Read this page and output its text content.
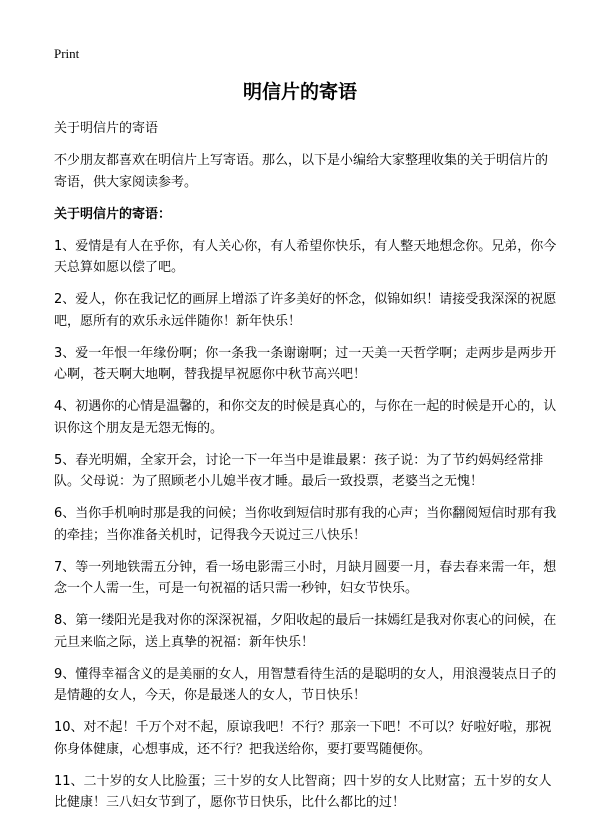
Print
明信片的寄语

关于明信片的寄语

不少朋友都喜欢在明信片上写寄语。那么，以下是小编给大家整理收集的关于明信片的寄语，供大家阅读参考。

关于明信片的寄语：

1、爱情是有人在乎你，有人关心你，有人希望你快乐，有人整天地想念你。兄弟，你今天总算如愿以偿了吧。

2、爱人，你在我记忆的画屏上增添了许多美好的怀念，似锦如织！请接受我深深的祝愿吧，愿所有的欢乐永远伴随你！新年快乐！

3、爱一年恨一年缘份啊；你一条我一条谢谢啊；过一天美一天哲学啊；走两步是两步开心啊，苍天啊大地啊，替我提早祝愿你中秋节高兴吧！

4、初遇你的心情是温馨的，和你交友的时候是真心的，与你在一起的时候是开心的，认识你这个朋友是无怨无悔的。

5、春光明媚，全家开会，讨论一下一年当中是谁最累：孩子说：为了节约妈妈经常排队。父母说：为了照顾老小儿媳半夜才睡。最后一致投票，老婆当之无愧！

6、当你手机响时那是我的问候；当你收到短信时那有我的心声；当你翻阅短信时那有我的牵挂；当你准备关机时，记得我今天说过三八快乐！

7、等一列地铁需五分钟，看一场电影需三小时，月缺月圆要一月，春去春来需一年，想念一个人需一生，可是一句祝福的话只需一秒钟，妇女节快乐。

8、第一缕阳光是我对你的深深祝福，夕阳收起的最后一抹嫣红是我对你衷心的问候，在元旦来临之际，送上真挚的祝福：新年快乐！

9、懂得幸福含义的是美丽的女人，用智慧看待生活的是聪明的女人，用浪漫装点日子的是情趣的女人，今天，你是最迷人的女人，节日快乐！

10、对不起！千万个对不起，原谅我吧！不行？那亲一下吧！不可以？好啦好啦，那祝你身体健康，心想事成，还不行？把我送给你，要打要骂随便你。

11、二十岁的女人比脸蛋；三十岁的女人比智商；四十岁的女人比财富；五十岁的女人比健康！三八妇女节到了，愿你节日快乐，比什么都比的过！
